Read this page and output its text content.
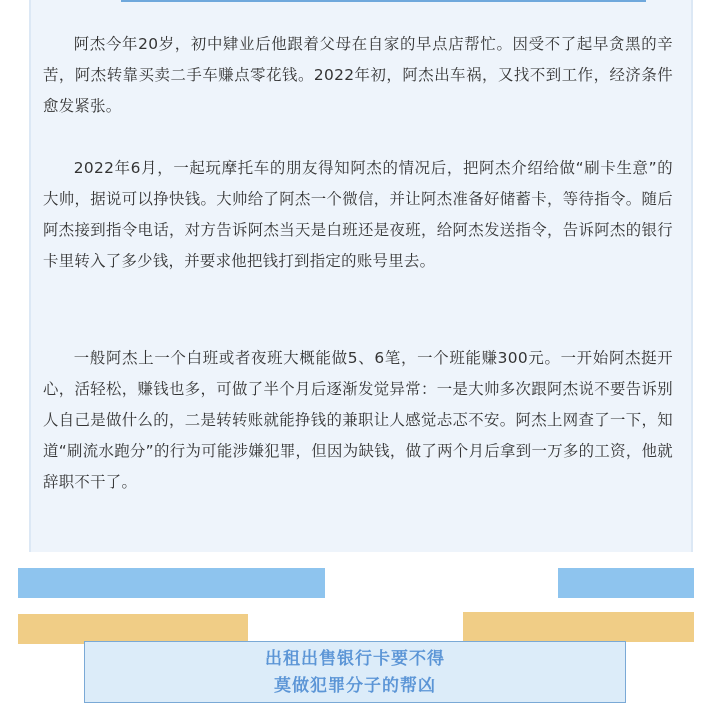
阿杰今年20岁，初中肄业后他跟着父母在自家的早点店帮忙。因受不了起早贪黑的辛苦，阿杰转靠买卖二手车赚点零花钱。2022年初，阿杰出车祸，又找不到工作，经济条件愈发紧张。

2022年6月，一起玩摩托车的朋友得知阿杰的情况后，把阿杰介绍给做“刷卡生意”的大帅，据说可以挣快钱。大帅给了阿杰一个微信，并让阿杰准备好储蓄卡，等待指令。随后阿杰接到指令电话，对方告诉阿杰当天是白班还是夜班，给阿杰发送指令，告诉阿杰的银行卡里转入了多少钱，并要求他把钱打到指定的账号里去。

一般阿杰上一个白班或者夜班大概能做5、6笔，一个班能赚300元。一开始阿杰挺开心，活轻松，赚钱也多，可做了半个月后逐渐发觉异常：一是大帅多次跟阿杰说不要告诉别人自己是做什么的，二是转转账就能挣钱的兼职让人感觉忐忑不安。阿杰上网查了一下，知道“刷流水跑分”的行为可能涉嫌犯罪，但因为缺钱，做了两个月后拿到一万多的工资，他就辞职不干了。

出租出售银行卡要不得
莫做犯罪分子的帮凶
